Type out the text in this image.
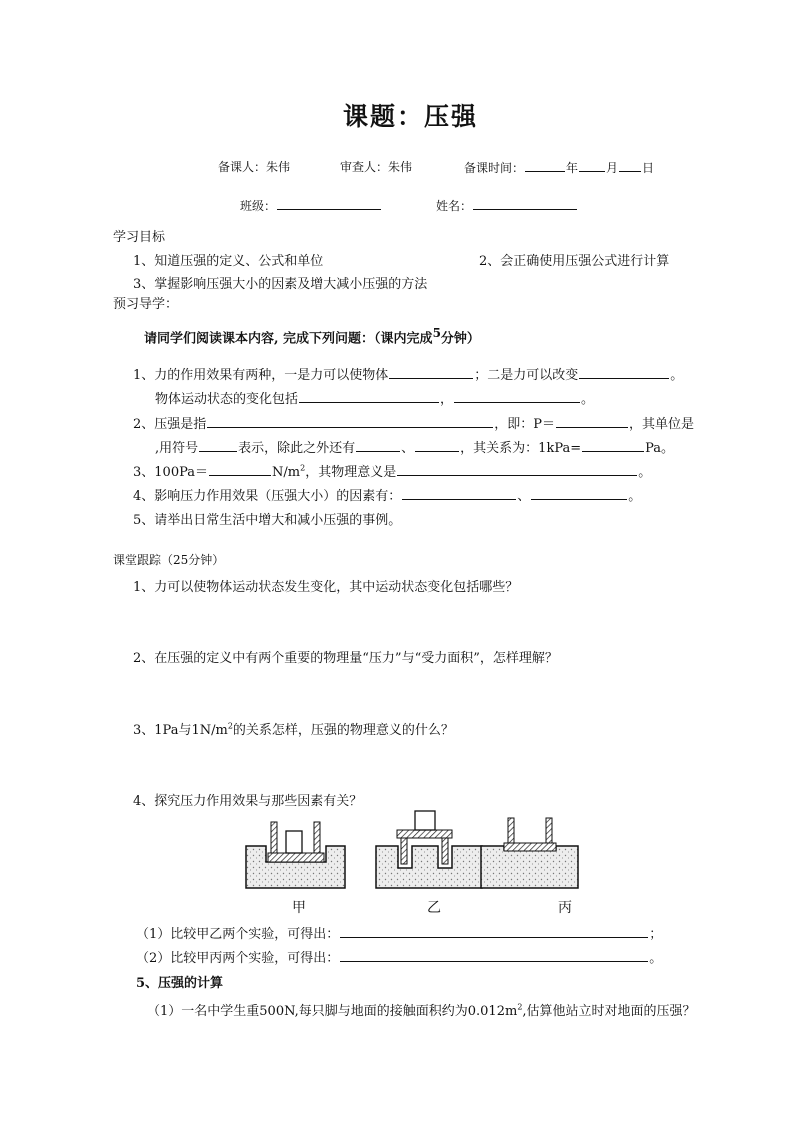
课题：压强
备课人：朱伟	审查人：朱伟	备课时间：	年 月 日
班级：	姓名：
学习目标
1、知道压强的定义、公式和单位	2、会正确使用压强公式进行计算
3、掌握影响压强大小的因素及增大减小压强的方法
预习导学：
请同学们阅读课本内容, 完成下列问题：（课内完成$^5$分钟）
1、力的作用效果有两种，一是力可以使物体	；二是力可以改变	。
物体运动状态的变化包括	，	。
2、压强是指	，即：P＝	，其单位是
,用符号	表示，除此之外还有	、	，其关系为：1kPa=	Pa。
3、100Pa＝	$N/m^2$，其物理意义是	。
4、影响压力作用效果（压强大小）的因素有：	、	。
5、请举出日常生活中增大和减小压强的事例。
课堂跟踪（25分钟）
1、力可以使物体运动状态发生变化，其中运动状态变化包括哪些？
2、在压强的定义中有两个重要的物理量“压力”与“受力面积”，怎样理解？
3、1Pa与$1N/m^2$的关系怎样，压强的物理意义的什么？
4、探究压力作用效果与那些因素有关？
甲	乙	丙
（1）比较甲乙两个实验，可得出：	；
（2）比较甲丙两个实验，可得出：	。
5、压强的计算
（1）一名中学生重500N,每只脚与地面的接触面积约为$0.012m^2$,估算他站立时对地面的压强？
